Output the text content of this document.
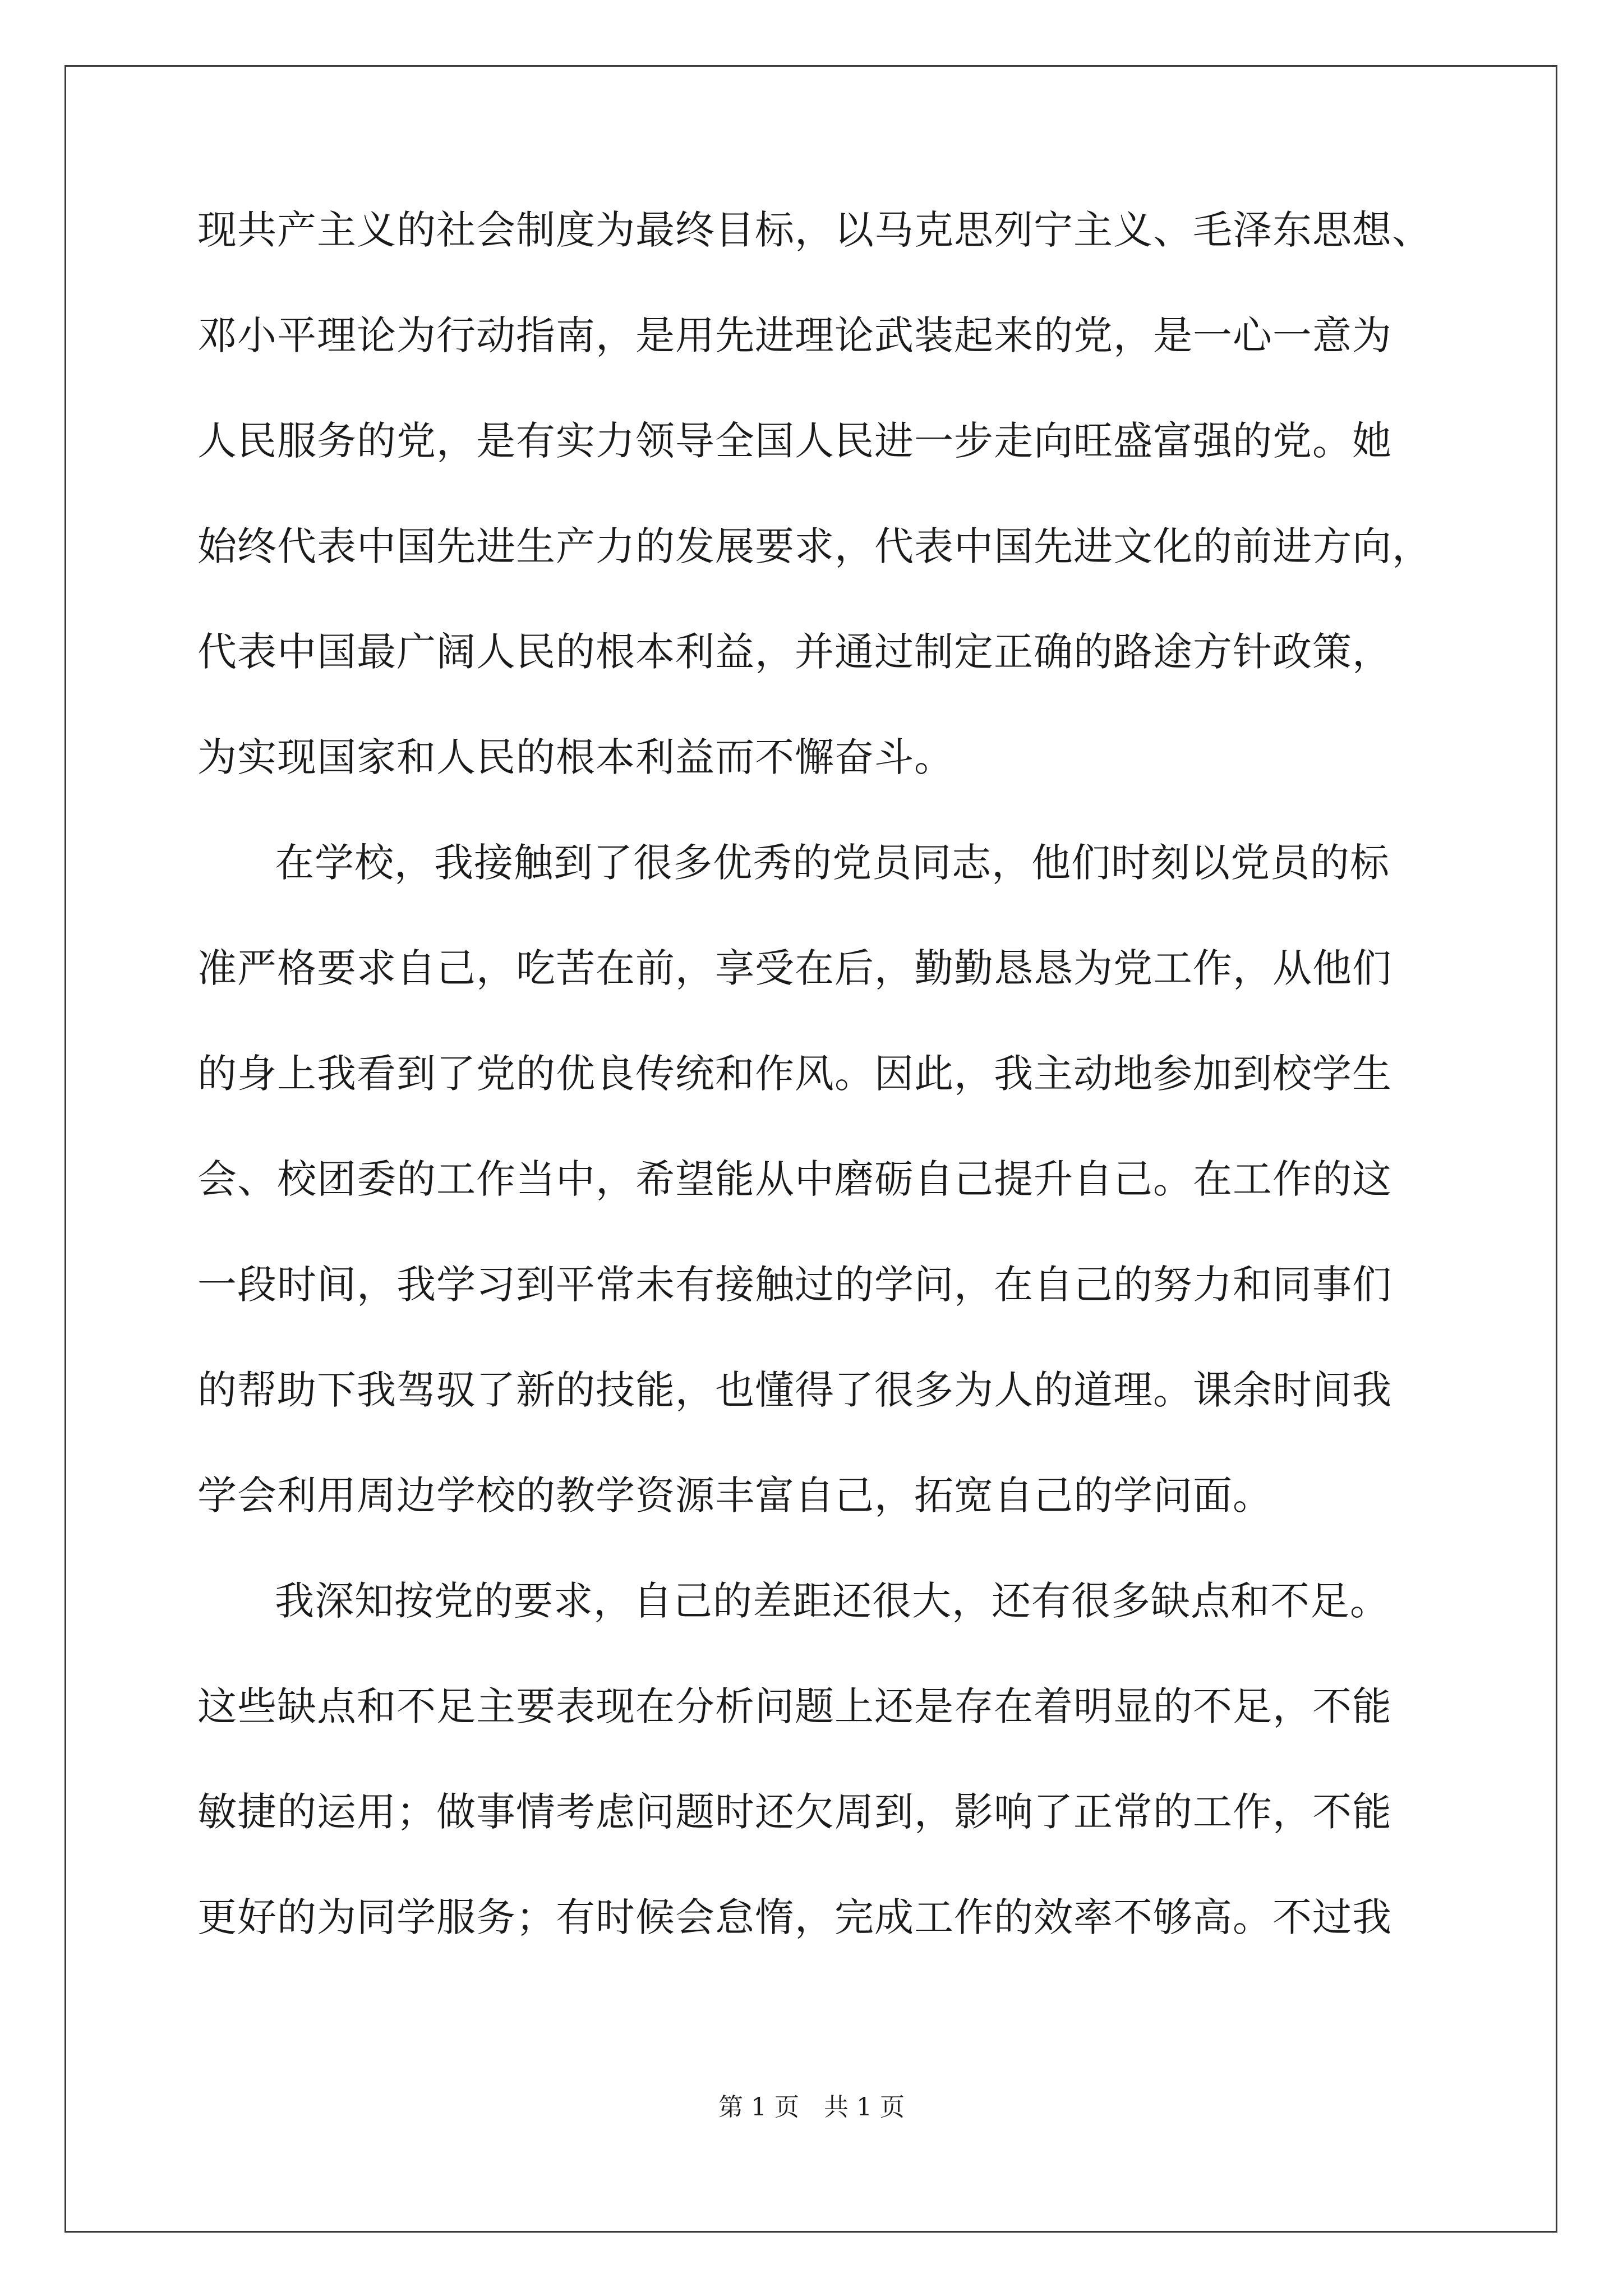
现共产主义的社会制度为最终目标，以马克思列宁主义、毛泽东思想、
邓小平理论为行动指南，是用先进理论武装起来的党，是一心一意为
人民服务的党，是有实力领导全国人民进一步走向旺盛富强的党。她
始终代表中国先进生产力的发展要求，代表中国先进文化的前进方向，
代表中国最广阔人民的根本利益，并通过制定正确的路途方针政策，
为实现国家和人民的根本利益而不懈奋斗。
在学校，我接触到了很多优秀的党员同志，他们时刻以党员的标
准严格要求自己，吃苦在前，享受在后，勤勤恳恳为党工作，从他们
的身上我看到了党的优良传统和作风。因此，我主动地参加到校学生
会、校团委的工作当中，希望能从中磨砺自己提升自己。在工作的这
一段时间，我学习到平常未有接触过的学问，在自己的努力和同事们
的帮助下我驾驭了新的技能，也懂得了很多为人的道理。课余时间我
学会利用周边学校的教学资源丰富自己，拓宽自己的学问面。
我深知按党的要求，自己的差距还很大，还有很多缺点和不足。
这些缺点和不足主要表现在分析问题上还是存在着明显的不足，不能
敏捷的运用；做事情考虑问题时还欠周到，影响了正常的工作，不能
更好的为同学服务；有时候会怠惰，完成工作的效率不够高。不过我
第 1 页　共 1 页
